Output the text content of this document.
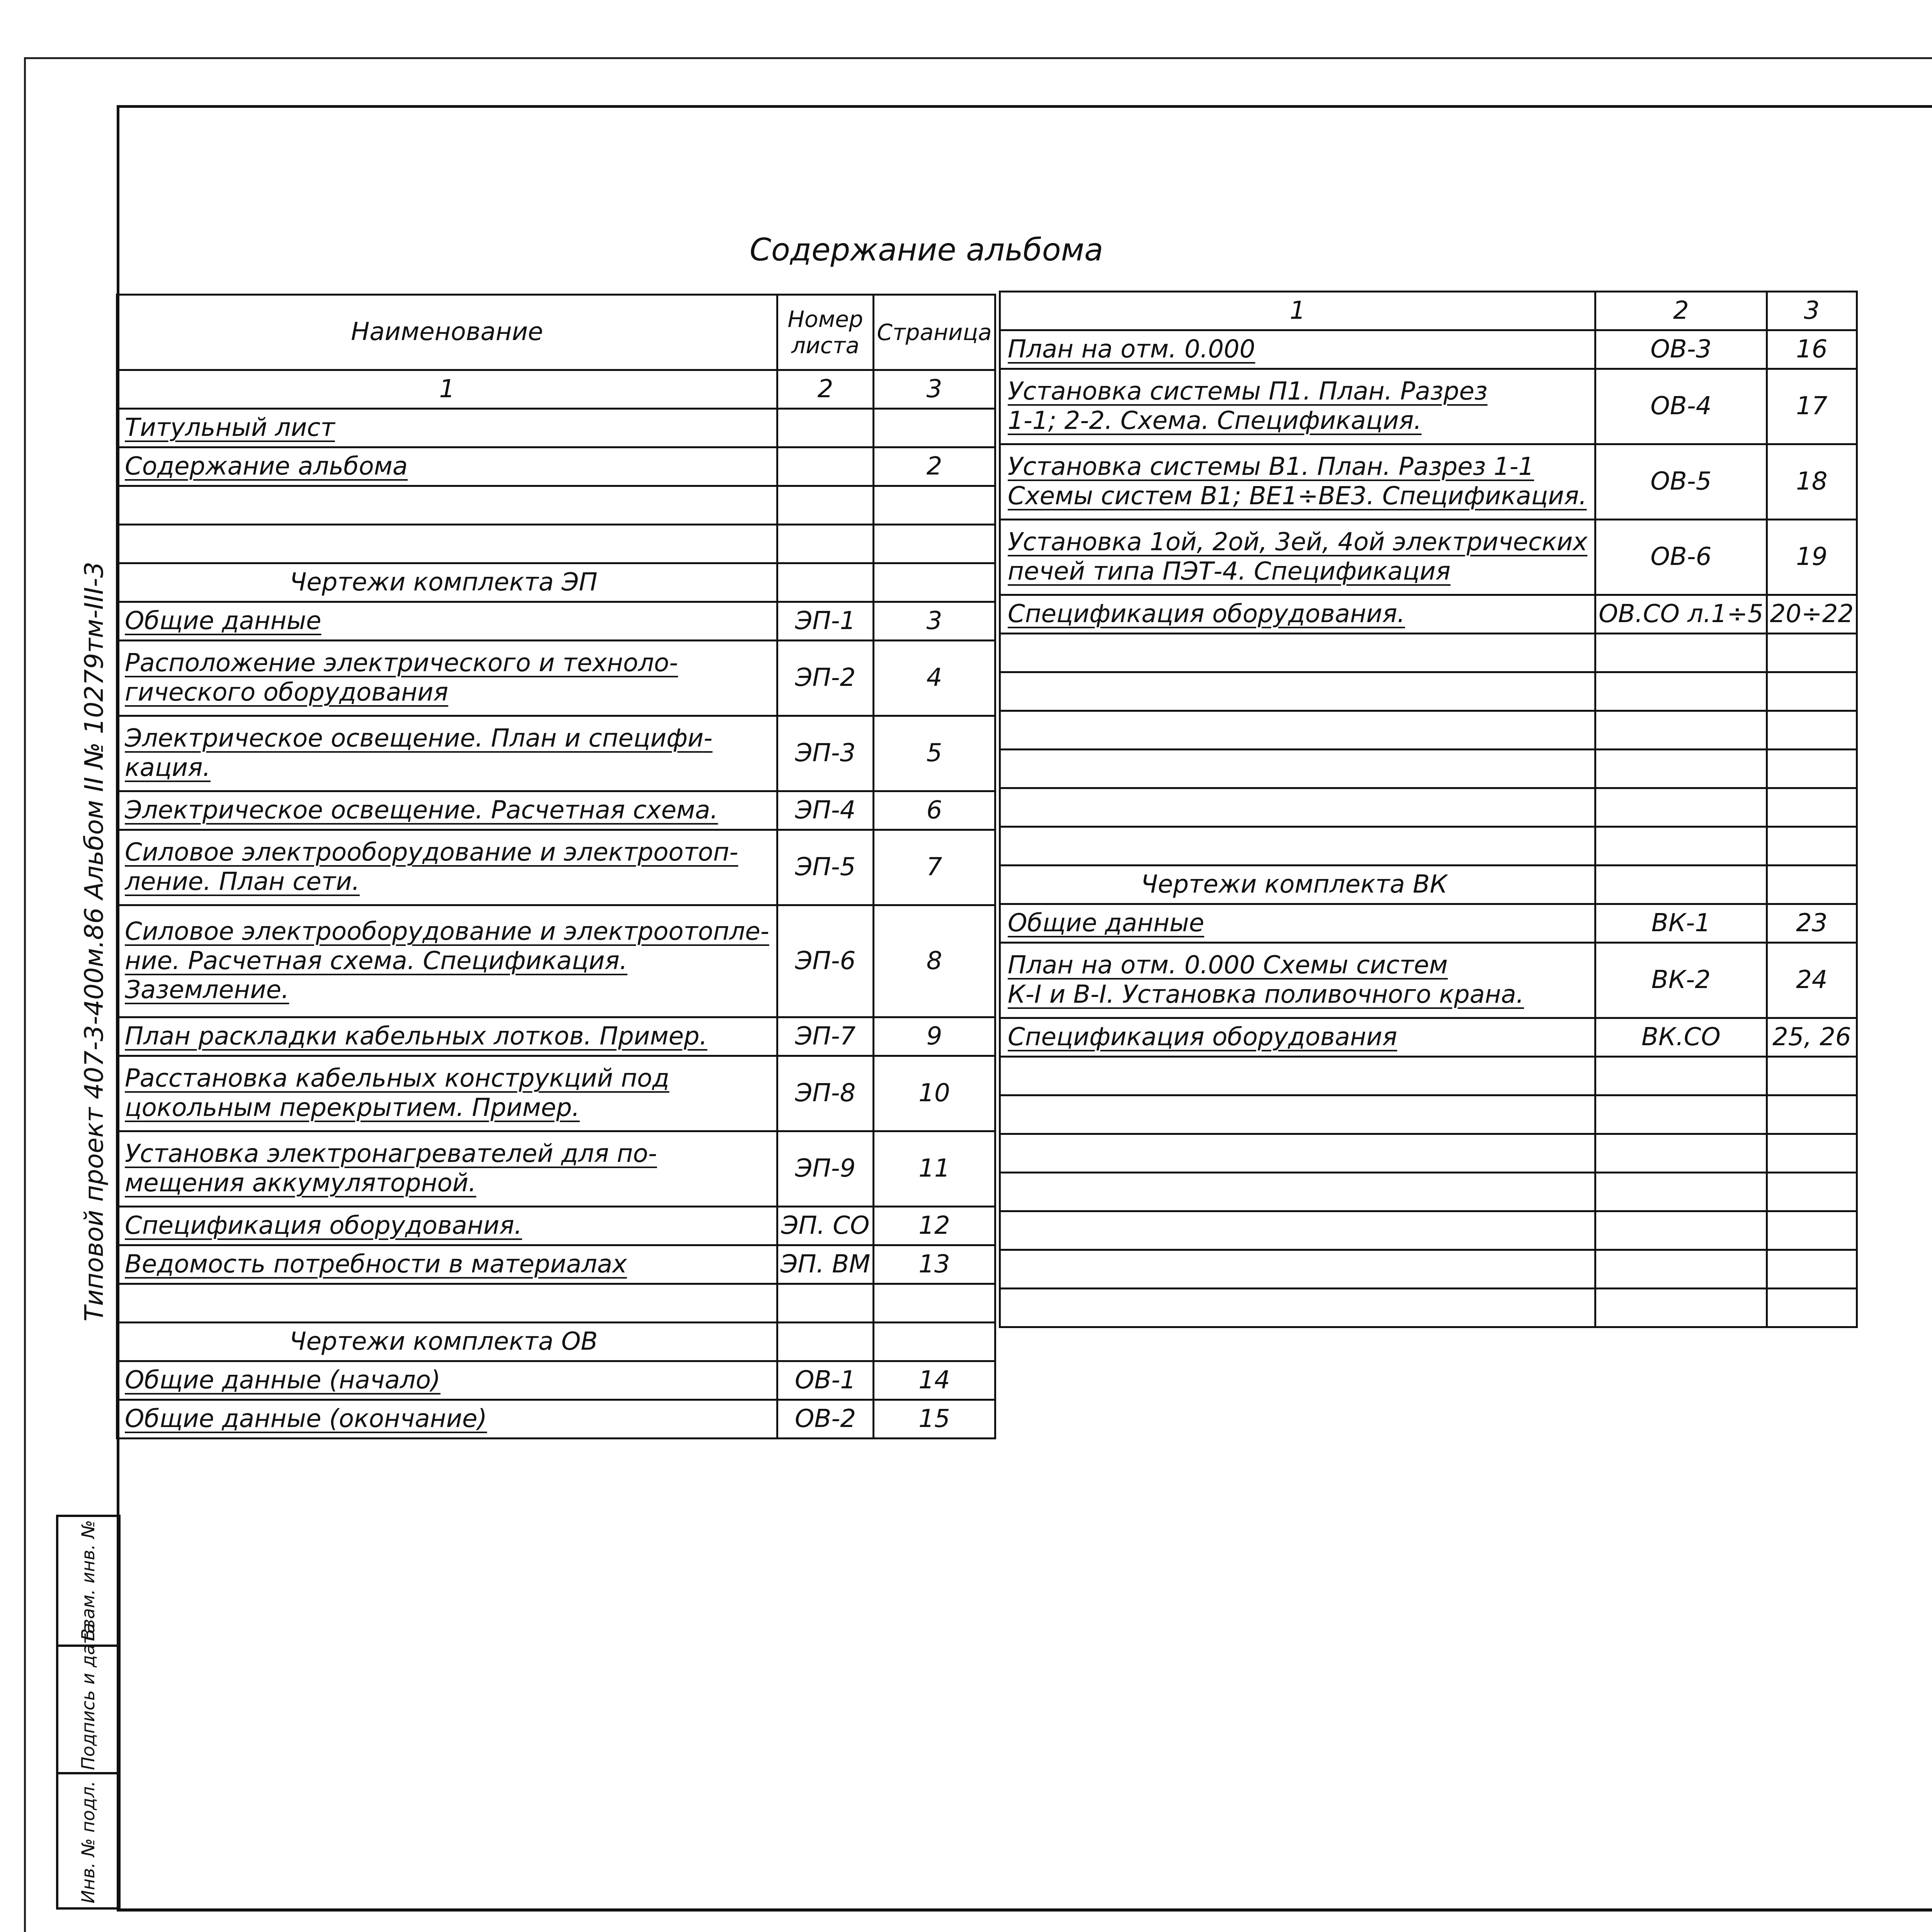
Содержание альбома
Наименование	Номер листа	Страница
1	2	3

Титульный лист		

Содержание альбома		2

Чертежи комплекта ЭП		

Общие данные	ЭП-1	3

Расположение электрического и техноло-
гического оборудования	ЭП-2	4

Электрическое освещение. План и специфи-
кация.	ЭП-3	5

Электрическое освещение. Расчетная схема.	ЭП-4	6

Силовое электрооборудование и электроотоп-
ление. План сети.	ЭП-5	7

Силовое электрооборудование и электроотопле-
ние. Расчетная схема. Спецификация.
Заземление.	ЭП-6	8

План раскладки кабельных лотков. Пример.	ЭП-7	9

Расстановка кабельных конструкций под
цокольным перекрытием. Пример.	ЭП-8	10

Установка электронагревателей для по-
мещения аккумуляторной.	ЭП-9	11

Спецификация оборудования.	ЭП. СО	12

Ведомость потребности в материалах	ЭП. ВМ	13

Чертежи комплекта ОВ		

Общие данные (начало)	ОВ-1	14

Общие данные (окончание)	ОВ-2	15
1	2	3

План на отм. 0.000	ОВ-3	16

Установка системы П1. План. Разрез
1-1; 2-2. Схема. Спецификация.	ОВ-4	17

Установка системы В1. План. Разрез 1-1
Схемы систем В1; ВЕ1÷ВЕ3. Спецификация.	ОВ-5	18

Установка 1ой, 2ой, 3ей, 4ой электрических
печей типа ПЭТ-4. Спецификация	ОВ-6	19

Спецификация оборудования.	ОВ.СО л.1÷5	20÷22

Чертежи комплекта ВК		

Общие данные	ВК-1	23

План на отм. 0.000 Схемы систем
К-I и В-I. Установка поливочного крана.	ВК-2	24

Спецификация оборудования	ВК.СО	25, 26

Типовой проект 407-3-400м.86 Альбом II № 10279тм-III-3
Инв. № подл.
Подпись и дата
Взам. инв. №
